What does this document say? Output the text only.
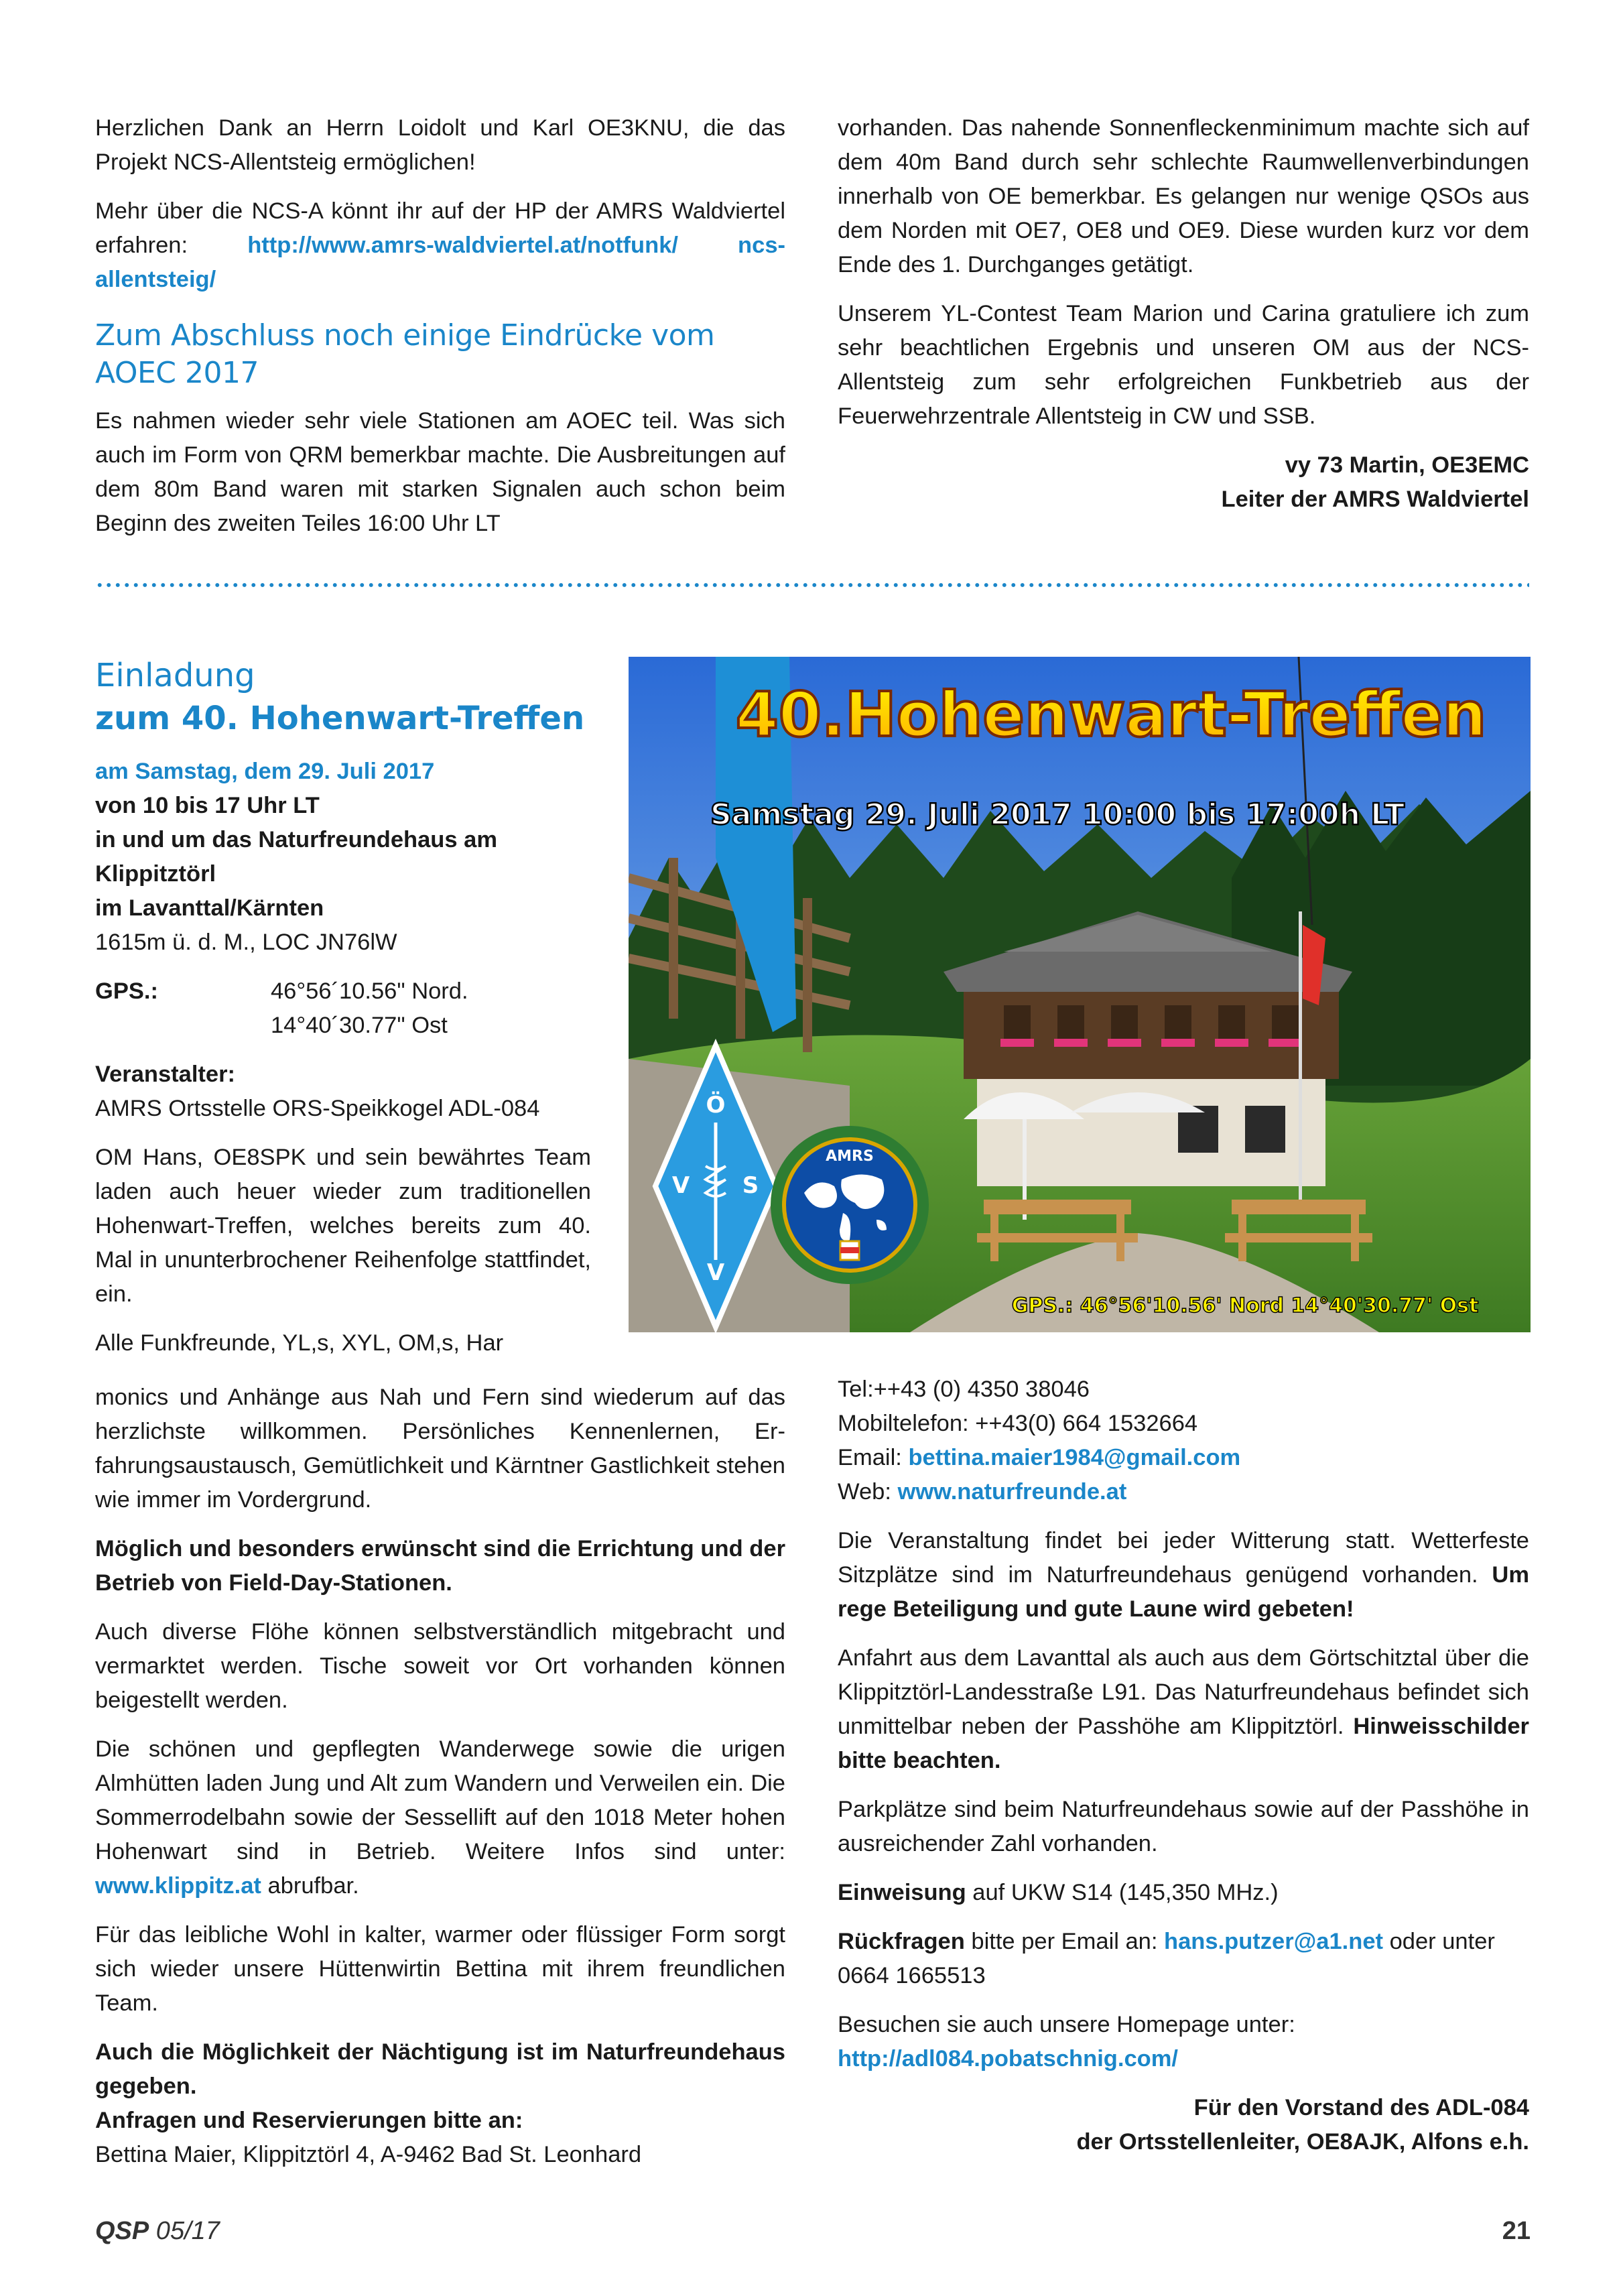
Herzlichen Dank an Herrn Loidolt und Karl OE3KNU, die das Projekt NCS-Allentsteig ermöglichen!

Mehr über die NCS-A könnt ihr auf der HP der AMRS Waldviertel erfahren: http://www.amrs-waldviertel.at/notfunk/ ncs-allentsteig/

Zum Abschluss noch einige Eindrücke vom AOEC 2017

Es nahmen wieder sehr viele Stationen am AOEC teil. Was sich auch im Form von QRM bemerkbar machte. Die Ausbreitungen auf dem 80m Band waren mit starken Signalen auch schon beim Beginn des zweiten Teiles 16:00 Uhr LT

vorhanden. Das nahende Sonnenfleckenminimum machte sich auf dem 40m Band durch sehr schlechte Raumwellenverbindungen innerhalb von OE bemerkbar. Es gelangen nur wenige QSOs aus dem Norden mit OE7, OE8 und OE9. Diese wurden kurz vor dem Ende des 1. Durchganges getätigt.

Unserem YL-Contest Team Marion und Carina gratuliere ich zum sehr beachtlichen Ergebnis und unseren OM aus der NCS-Allentsteig zum sehr erfolgreichen Funkbetrieb aus der Feuerwehrzentrale Allentsteig in CW und SSB.

vy 73 Martin, OE3EMC
Leiter der AMRS Waldviertel

Einladung
zum 40. Hohenwart-Treffen
am Samstag, dem 29. Juli 2017
von 10 bis 17 Uhr LT
in und um das Naturfreundehaus am Klippitztörl
im Lavanttal/Kärnten
1615m ü. d. M., LOC JN76lW
GPS.:	46°56´10.56" Nord.
14°40´30.77" Ost
Veranstalter:
AMRS Ortsstelle ORS-Speikkogel ADL-084

OM Hans, OE8SPK und sein bewährtes Team laden auch heuer wieder zum traditionellen Hohenwart-Treffen, welches bereits zum 40. Mal in ununterbrochener Reihenfolge stattfindet, ein.

Alle Funkfreunde, YL,s, XYL, OM,s, Har

40.Hohenwart-Treffen
Samstag 29. Juli 2017 10:00 bis 17:00h LT
GPS.: 46°56'10.56' Nord 14°40'30.77' Ost
Ö
V S
V
AMRS

monics und Anhänge aus Nah und Fern sind wiederum auf das herzlichste willkommen. Persönliches Kennenlernen, Erfahrungsaustausch, Gemütlichkeit und Kärntner Gastlichkeit stehen wie immer im Vordergrund.

Möglich und besonders erwünscht sind die Errichtung und der Betrieb von Field-Day-Stationen.

Auch diverse Flöhe können selbstverständlich mitgebracht und vermarktet werden. Tische soweit vor Ort vorhanden können beigestellt werden.

Die schönen und gepflegten Wanderwege sowie die urigen Almhütten laden Jung und Alt zum Wandern und Verweilen ein. Die Sommerrodelbahn sowie der Sessellift auf den 1018 Meter hohen Hohenwart sind in Betrieb. Weitere Infos sind unter: www.klippitz.at abrufbar.

Für das leibliche Wohl in kalter, warmer oder flüssiger Form sorgt sich wieder unsere Hüttenwirtin Bettina mit ihrem freundlichen Team.

Auch die Möglichkeit der Nächtigung ist im Naturfreundehaus gegeben.
Anfragen und Reservierungen bitte an:
Bettina Maier, Klippitztörl 4, A-9462 Bad St. Leonhard

Tel:++43 (0) 4350 38046
Mobiltelefon: ++43(0) 664 1532664
Email: bettina.maier1984@gmail.com
Web: www.naturfreunde.at

Die Veranstaltung findet bei jeder Witterung statt. Wetterfeste Sitzplätze sind im Naturfreundehaus genügend vorhanden. Um rege Beteiligung und gute Laune wird gebeten!

Anfahrt aus dem Lavanttal als auch aus dem Görtschitztal über die Klippitztörl-Landesstraße L91. Das Naturfreundehaus befindet sich unmittelbar neben der Passhöhe am Klippitztörl. Hinweisschilder bitte beachten.

Parkplätze sind beim Naturfreundehaus sowie auf der Passhöhe in ausreichender Zahl vorhanden.

Einweisung auf UKW S14 (145,350 MHz.)

Rückfragen bitte per Email an: hans.putzer@a1.net oder unter 0664 1665513

Besuchen sie auch unsere Homepage unter:
http://adl084.pobatschnig.com/

Für den Vorstand des ADL-084
der Ortsstellenleiter, OE8AJK, Alfons e.h.

QSP 05/17	21
